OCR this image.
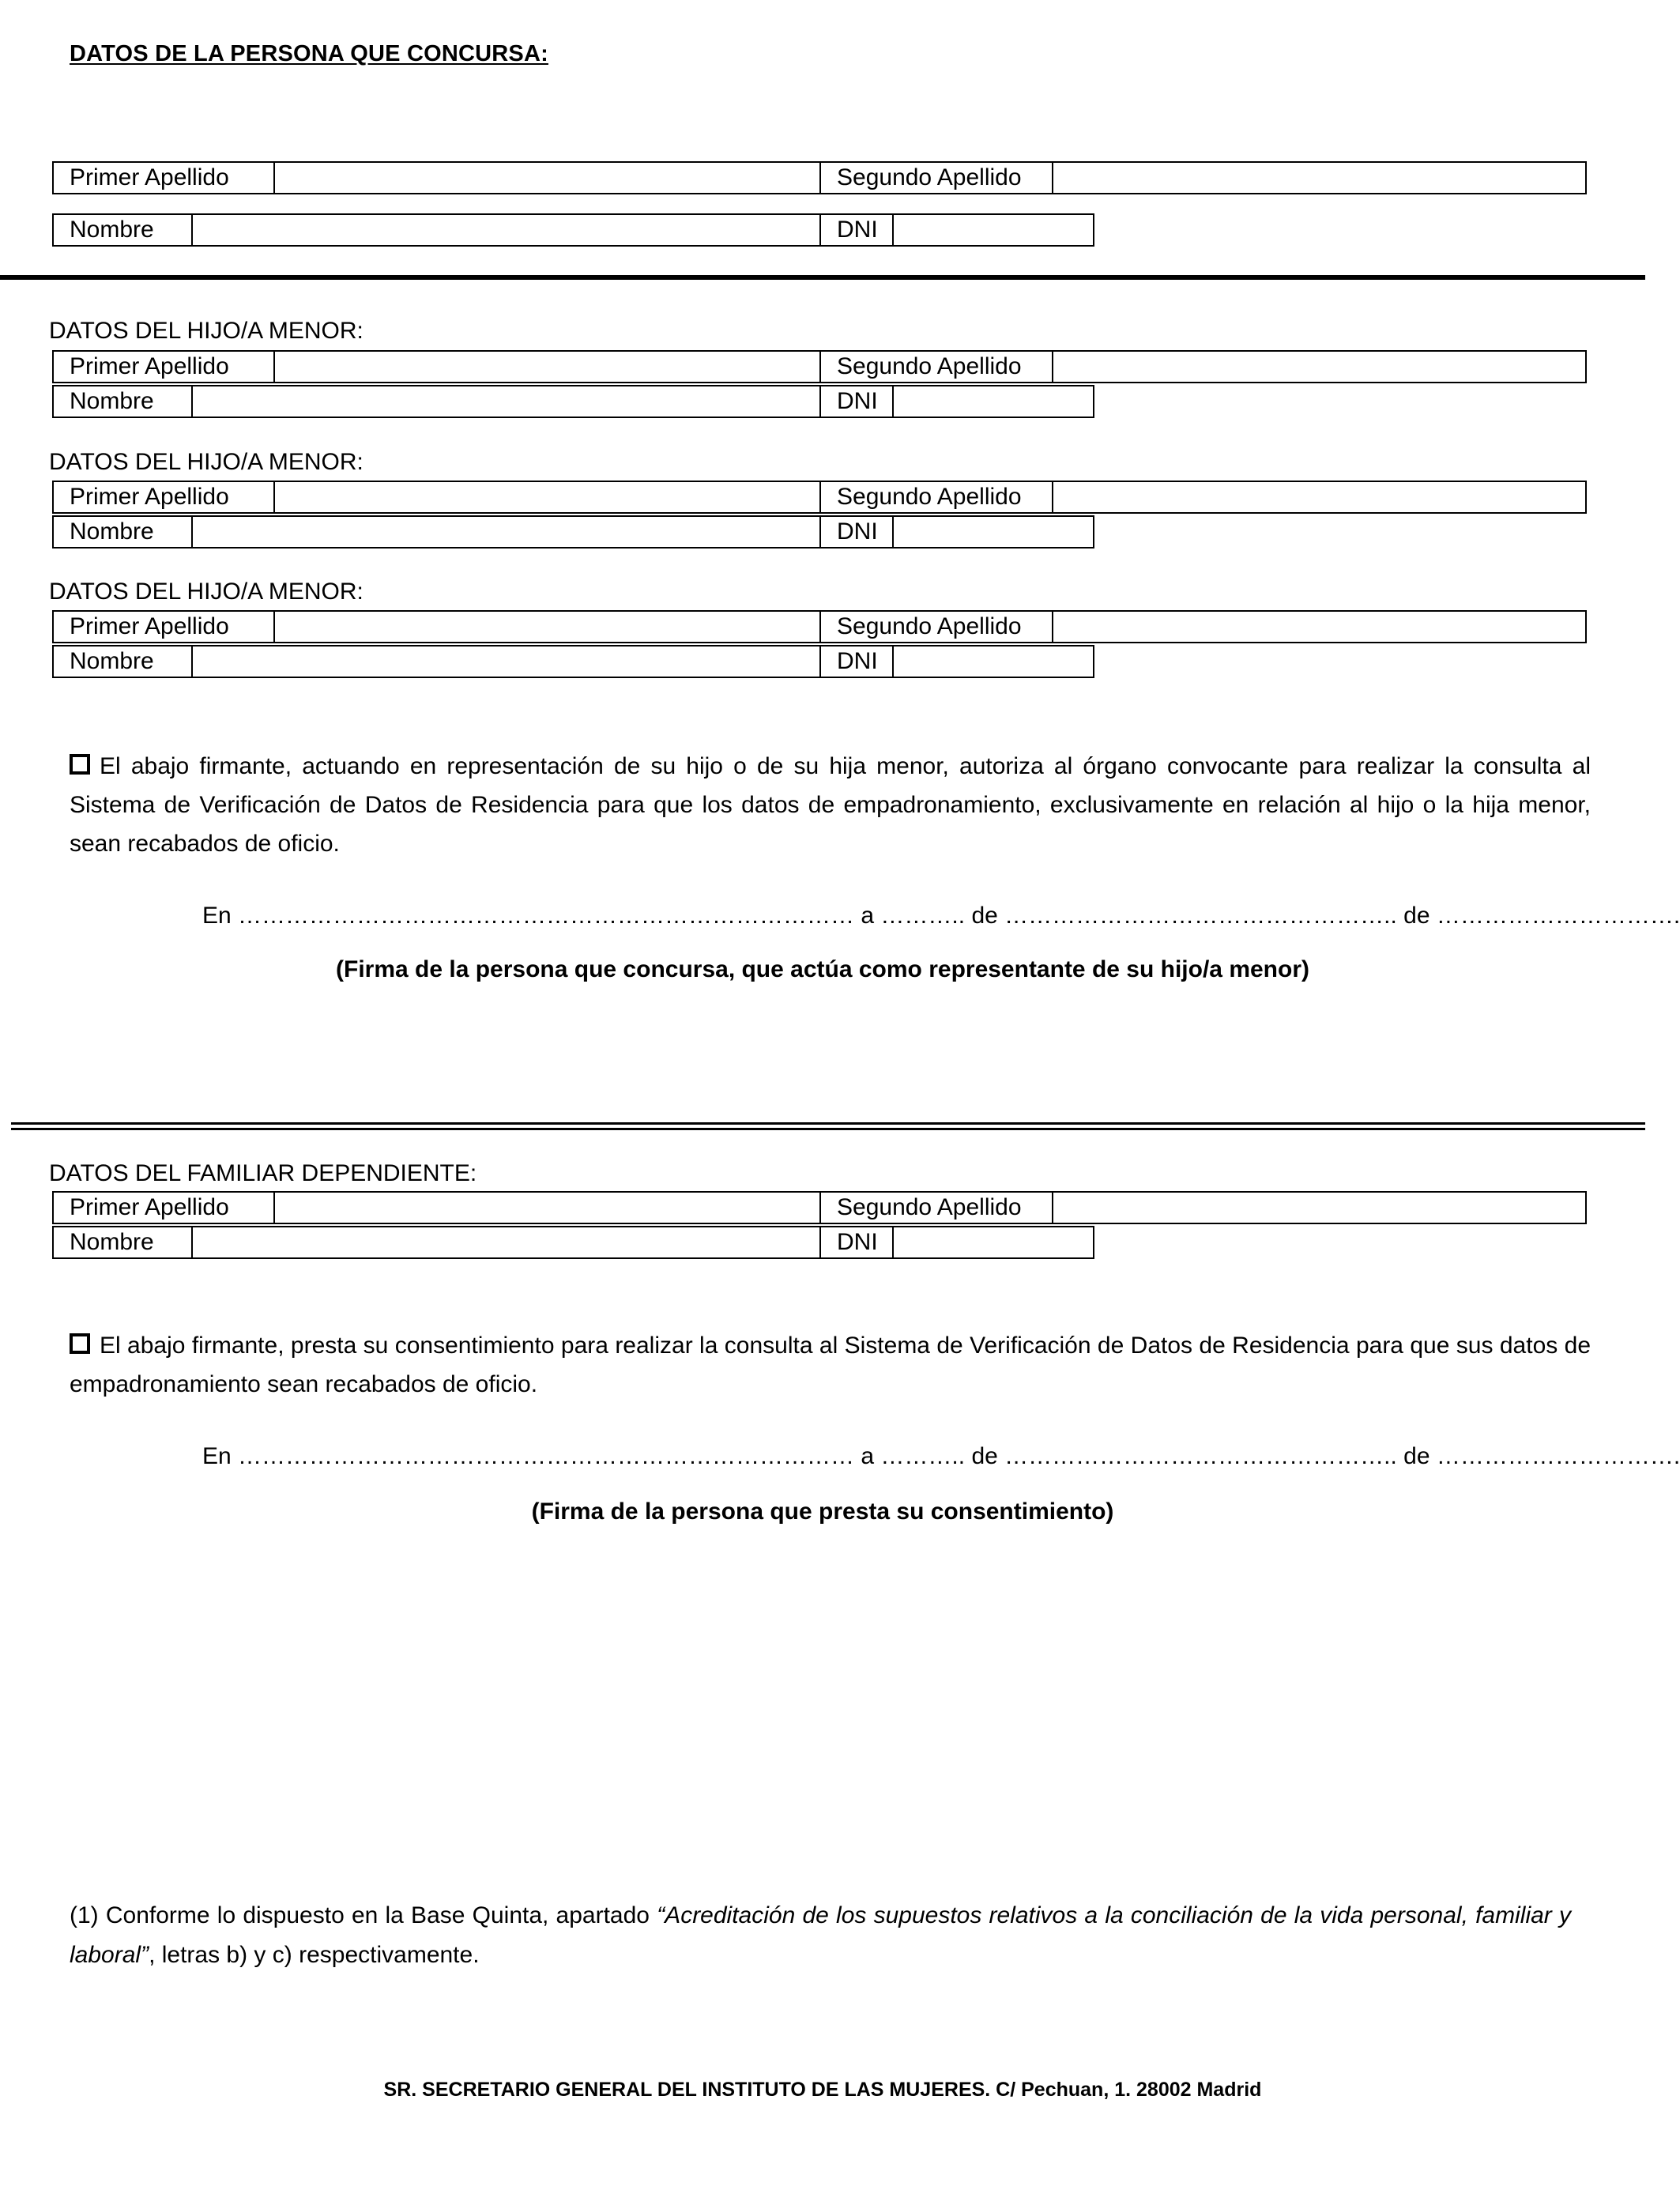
DATOS DE LA PERSONA QUE CONCURSA:
Primer Apellido	Segundo Apellido
Nombre	DNI
DATOS DEL HIJO/A MENOR:
Primer Apellido	Segundo Apellido
Nombre	DNI
DATOS DEL HIJO/A MENOR:
Primer Apellido	Segundo Apellido
Nombre	DNI
DATOS DEL HIJO/A MENOR:
Primer Apellido	Segundo Apellido
Nombre	DNI
El abajo firmante, actuando en representación de su hijo o de su hija menor, autoriza al órgano convocante para realizar la consulta al Sistema de Verificación de Datos de Residencia para que los datos de empadronamiento, exclusivamente en relación al hijo o la hija menor, sean recabados de oficio.
En …………………………………………………………………… a ……….. de ………………………………………….. de ………………………….
(Firma de la persona que concursa, que actúa como representante de su hijo/a menor)
DATOS DEL FAMILIAR DEPENDIENTE:
Primer Apellido	Segundo Apellido
Nombre	DNI
El abajo firmante, presta su consentimiento para realizar la consulta al Sistema de Verificación de Datos de Residencia para que sus datos de empadronamiento sean recabados de oficio.
En …………………………………………………………………… a ……….. de ………………………………………….. de ………………………….
(Firma de la persona que presta su consentimiento)
(1) Conforme lo dispuesto en la Base Quinta, apartado “Acreditación de los supuestos relativos a la conciliación de la vida personal, familiar y laboral”, letras b) y c) respectivamente.
SR. SECRETARIO GENERAL DEL INSTITUTO DE LAS MUJERES. C/ Pechuan, 1. 28002 Madrid
